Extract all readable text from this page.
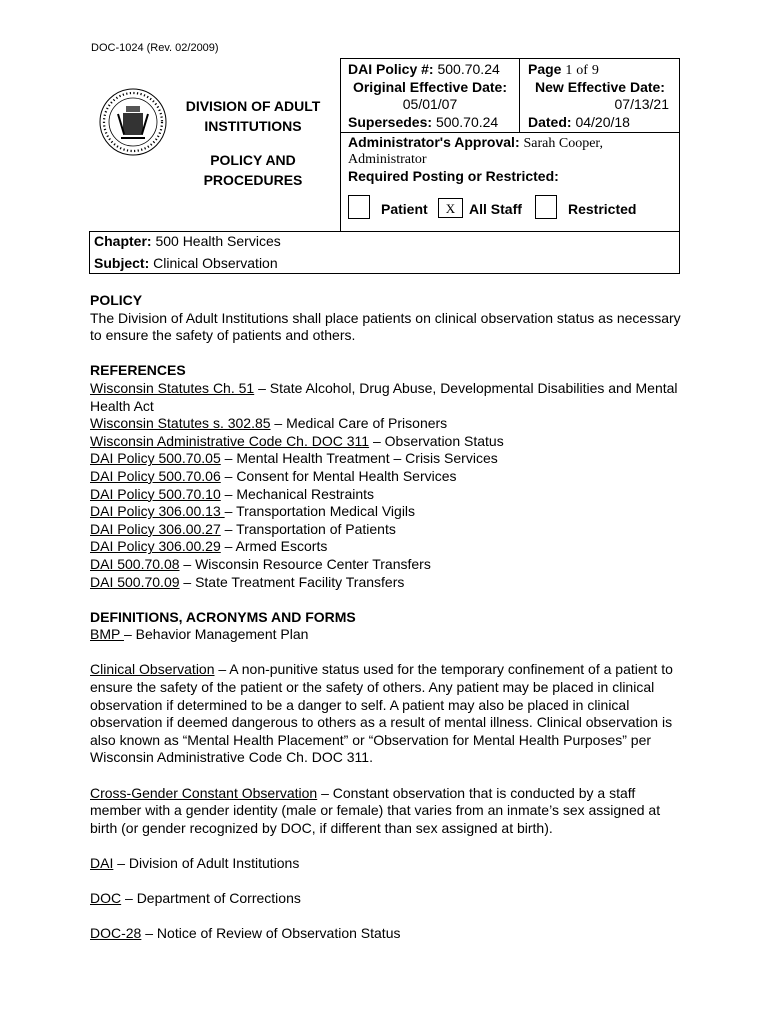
DOC-1024 (Rev. 02/2009)
DIVISION OF ADULT INSTITUTIONS
POLICY AND PROCEDURES
DAI Policy #: 500.70.24 Page 1 of 9
Original Effective Date:
05/01/07
New Effective Date:
07/13/21
Supersedes: 500.70.24 Dated: 04/20/18
Administrator's Approval: Sarah Cooper, Administrator
Required Posting or Restricted:
Patient	X All Staff	Restricted
Chapter: 500 Health Services
Subject: Clinical Observation

POLICY

The Division of Adult Institutions shall place patients on clinical observation status as necessary to ensure the safety of patients and others.

REFERENCES

Wisconsin Statutes Ch. 51 – State Alcohol, Drug Abuse, Developmental Disabilities and Mental Health Act

Wisconsin Statutes s. 302.85 – Medical Care of Prisoners

Wisconsin Administrative Code Ch. DOC 311 – Observation Status

DAI Policy 500.70.05 – Mental Health Treatment – Crisis Services

DAI Policy 500.70.06 – Consent for Mental Health Services

DAI Policy 500.70.10 – Mechanical Restraints

DAI Policy 306.00.13 – Transportation Medical Vigils

DAI Policy 306.00.27 – Transportation of Patients

DAI Policy 306.00.29 – Armed Escorts

DAI 500.70.08 – Wisconsin Resource Center Transfers

DAI 500.70.09 – State Treatment Facility Transfers

DEFINITIONS, ACRONYMS AND FORMS

BMP – Behavior Management Plan

Clinical Observation – A non-punitive status used for the temporary confinement of a patient to ensure the safety of the patient or the safety of others. Any patient may be placed in clinical observation if determined to be a danger to self. A patient may also be placed in clinical observation if deemed dangerous to others as a result of mental illness. Clinical observation is also known as “Mental Health Placement” or “Observation for Mental Health Purposes” per Wisconsin Administrative Code Ch. DOC 311.

Cross-Gender Constant Observation – Constant observation that is conducted by a staff member with a gender identity (male or female) that varies from an inmate’s sex assigned at birth (or gender recognized by DOC, if different than sex assigned at birth).

DAI – Division of Adult Institutions

DOC – Department of Corrections

DOC-28 – Notice of Review of Observation Status
